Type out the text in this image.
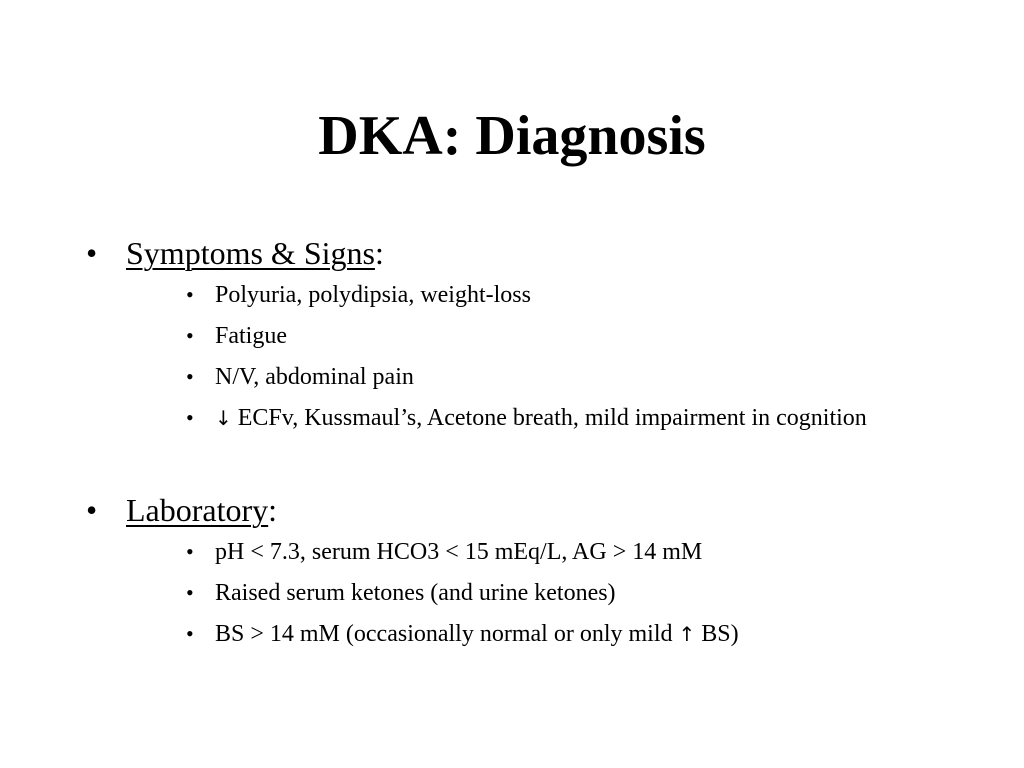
DKA: Diagnosis
• Symptoms & Signs:
• Polyuria, polydipsia, weight-loss
• Fatigue
• N/V, abdominal pain
• ↓ ECFv, Kussmaul’s, Acetone breath, mild impairment in cognition
• Laboratory:
• pH < 7.3, serum HCO3 < 15 mEq/L, AG > 14 mM
• Raised serum ketones (and urine ketones)
• BS > 14 mM (occasionally normal or only mild ↑ BS)
